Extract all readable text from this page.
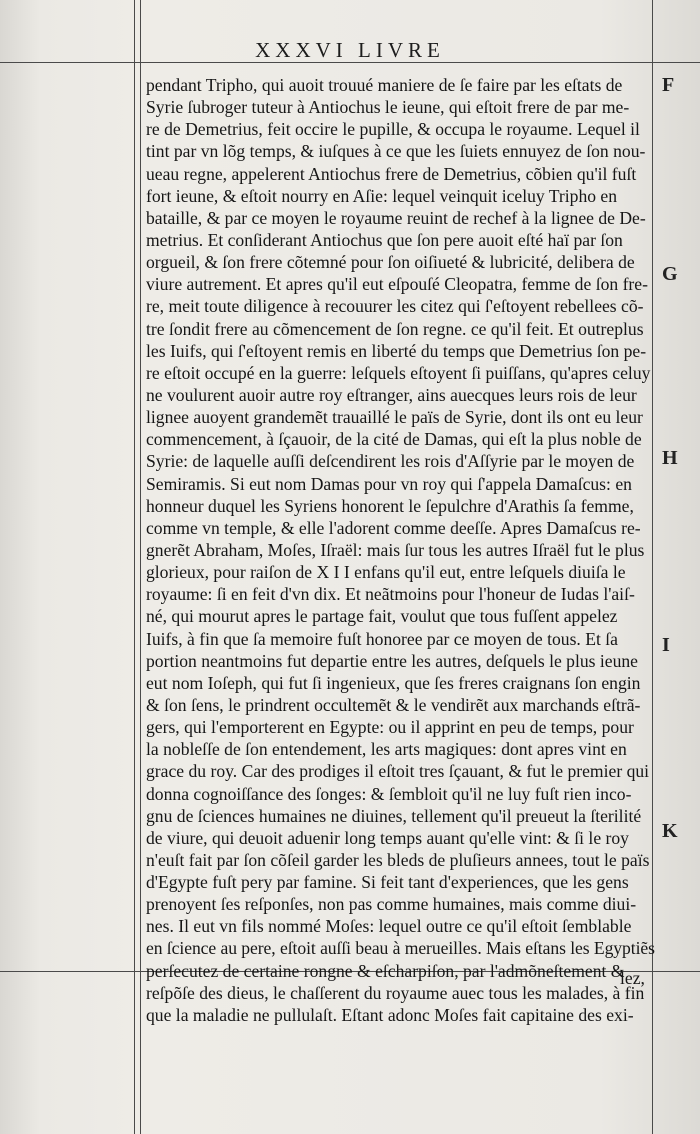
XXXVI LIVRE
pendant Tripho, qui auoit trouué maniere de ſe faire par les eſtats de
Syrie ſubroger tuteur à Antiochus le ieune, qui eſtoit frere de par me-
re de Demetrius, feit occire le pupille, & occupa le royaume. Lequel il
tint par vn lõg temps, & iuſques à ce que les ſuiets ennuyez de ſon nou-
ueau regne, appelerent Antiochus frere de Demetrius, cõbien qu'il fuſt
fort ieune, & eſtoit nourry en Aſie: lequel veinquit iceluy Tripho en
bataille, & par ce moyen le royaume reuint de rechef à la lignee de De-
metrius. Et conſiderant Antiochus que ſon pere auoit eſté haï par ſon
orgueil, & ſon frere cõtemné pour ſon oiſiueté & lubricité, delibera de
viure autrement. Et apres qu'il eut eſpouſé Cleopatra, femme de ſon fre-
re, meit toute diligence à recouurer les citez qui ſ'eſtoyent rebellees cõ-
tre ſondit frere au cõmencement de ſon regne. ce qu'il feit. Et outreplus
les Iuifs, qui ſ'eſtoyent remis en liberté du temps que Demetrius ſon pe-
re eſtoit occupé en la guerre: leſquels eſtoyent ſi puiſſans, qu'apres celuy
ne voulurent auoir autre roy eſtranger, ains auecques leurs rois de leur
lignee auoyent grandemẽt trauaillé le païs de Syrie, dont ils ont eu leur
commencement, à ſçauoir, de la cité de Damas, qui eſt la plus noble de
Syrie: de laquelle auſſi deſcendirent les rois d'Aſſyrie par le moyen de
Semiramis. Si eut nom Damas pour vn roy qui ſ'appela Damaſcus: en
honneur duquel les Syriens honorent le ſepulchre d'Arathis ſa femme,
comme vn temple, & elle l'adorent comme deeſſe. Apres Damaſcus re-
gnerẽt Abraham, Moſes, Iſraël: mais ſur tous les autres Iſraël fut le plus
glorieux, pour raiſon de X I I enfans qu'il eut, entre leſquels diuiſa le
royaume: ſi en feit d'vn dix. Et neãtmoins pour l'honeur de Iudas l'aiſ-
né, qui mourut apres le partage fait, voulut que tous fuſſent appelez
Iuifs, à fin que ſa memoire fuſt honoree par ce moyen de tous. Et ſa
portion neantmoins fut departie entre les autres, deſquels le plus ieune
eut nom Ioſeph, qui fut ſi ingenieux, que ſes freres craignans ſon engin
& ſon ſens, le prindrent occultemẽt & le vendirẽt aux marchands eſtrã-
gers, qui l'emporterent en Egypte: ou il apprint en peu de temps, pour
la nobleſſe de ſon entendement, les arts magiques: dont apres vint en
grace du roy. Car des prodiges il eſtoit tres ſçauant, & fut le premier qui
donna cognoiſſance des ſonges: & ſembloit qu'il ne luy fuſt rien inco-
gnu de ſciences humaines ne diuines, tellement qu'il preueut la ſterilité
de viure, qui deuoit aduenir long temps auant qu'elle vint: & ſi le roy
n'euſt fait par ſon cõſeil garder les bleds de pluſieurs annees, tout le païs
d'Egypte fuſt pery par famine. Si feit tant d'experiences, que les gens
prenoyent ſes reſponſes, non pas comme humaines, mais comme diui-
nes. Il eut vn fils nommé Moſes: lequel outre ce qu'il eſtoit ſemblable
en ſcience au pere, eſtoit auſſi beau à merueilles. Mais eſtans les Egyptiẽs
perſecutez de certaine rongne & eſcharpiſon, par l'admõneſtement &
reſpõſe des dieus, le chaſſerent du royaume auec tous les malades, à fin
que la maladie ne pullulaſt. Eſtant adonc Moſes fait capitaine des exi-
F
G
H
I
K
lez,
